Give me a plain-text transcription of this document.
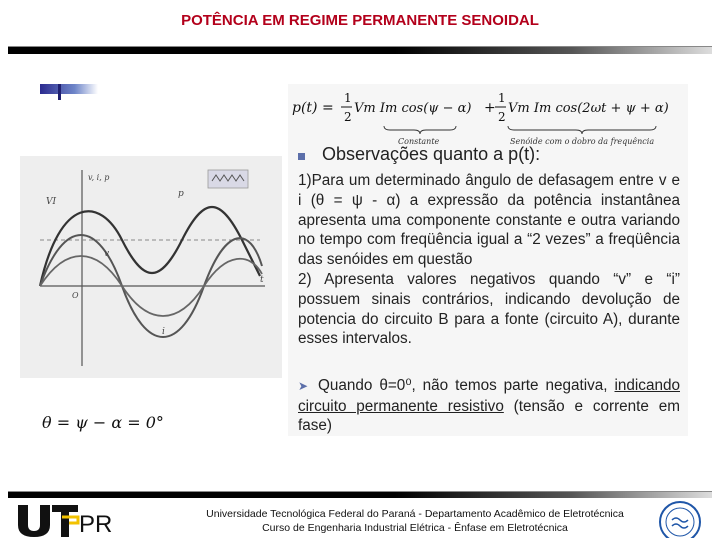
POTÊNCIA EM REGIME PERMANENTE SENOIDAL
v, i, p
VI
p
v
i
t
O
θ = ψ − α = 0°
p(t) =
1
2
Vm Im cos(ψ − α) +
1
2
Vm Im cos(2ωt + ψ + α)
Constante	Senóide com o dobro da frequência
Observações quanto a p(t):

1)Para um determinado ângulo de defasagem entre v e i (θ = ψ - α) a expressão da potência instantânea apresenta uma componente constante e outra variando no tempo com freqüência igual a “2 vezes” a freqüência das senóides em questão

2) Apresenta valores negativos quando “v” e “i” possuem sinais contrários, indicando devolução de potencia do circuito B para a fonte (circuito A), durante esses intervalos.

➤ Quando θ=0⁰, não temos parte negativa, indicando circuito permanente resistivo (tensão e corrente em fase)
PR	Universidade Tecnológica Federal do Paraná - Departamento Acadêmico de Eletrotécnica
Curso de Engenharia Industrial Elétrica - Ênfase em Eletrotécnica
